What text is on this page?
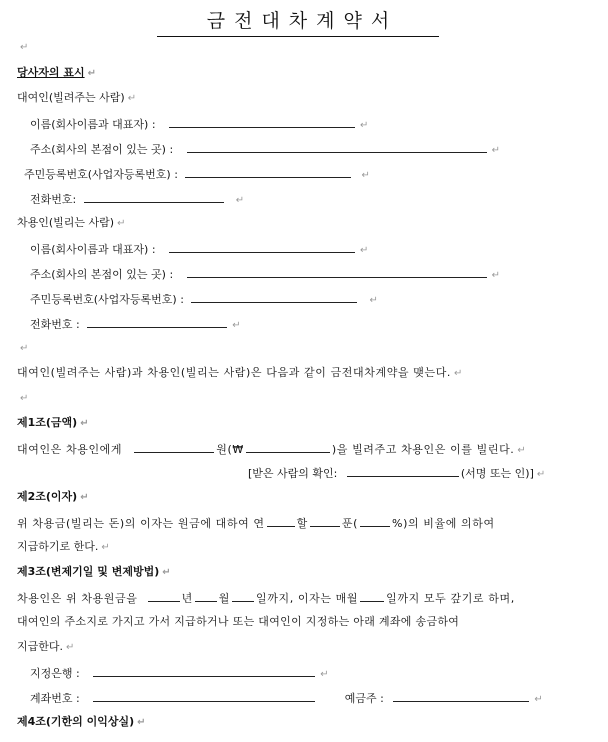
금전대차계약서
↵
당사자의 표시 ↵
대여인(빌려주는 사람) ↵
이름(회사이름과 대표자) :	↵
주소(회사의 본점이 있는 곳) :	↵
주민등록번호(사업자등록번호) :	↵
전화번호:	↵
차용인(빌리는 사람) ↵
이름(회사이름과 대표자) :	↵
주소(회사의 본점이 있는 곳) :	↵
주민등록번호(사업자등록번호) :	↵
전화번호 :	↵
↵
대여인(빌려주는 사람)과 차용인(빌리는 사람)은 다음과 같이 금전대차계약을 맺는다. ↵
↵
제1조(금액) ↵
대여인은 차용인에게	원(₩	)을 빌려주고 차용인은 이를 빌린다. ↵
[받은 사람의 확인:	(서명 또는 인)] ↵
제2조(이자) ↵
위 차용금(빌리는 돈)의 이자는 원금에 대하여 연	할	푼(	%)의 비율에 의하여
지급하기로 한다. ↵
제3조(변제기일 및 변제방법) ↵
차용인은 위 차용원금을	년 월 일까지, 이자는 매월	일까지 모두 갚기로 하며,
대여인의 주소지로 가지고 가서 지급하거나 또는 대여인이 지정하는 아래 계좌에 송금하여
지급한다. ↵
지정은행 :	↵
계좌번호 :	예금주 :	↵
제4조(기한의 이익상실) ↵
